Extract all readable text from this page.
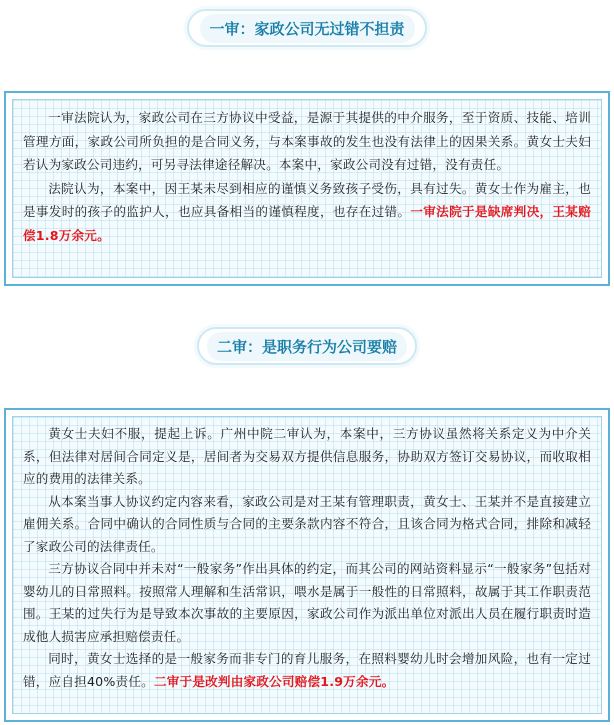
一审：家政公司无过错不担责

一审法院认为，家政公司在三方协议中受益，是源于其提供的中介服务，至于资质、技能、培训管理方面，家政公司所负担的是合同义务，与本案事故的发生也没有法律上的因果关系。黄女士夫妇若认为家政公司违约，可另寻法律途径解决。本案中，家政公司没有过错，没有责任。

法院认为，本案中，因王某未尽到相应的谨慎义务致孩子受伤，具有过失。黄女士作为雇主，也是事发时的孩子的监护人，也应具备相当的谨慎程度，也存在过错。一审法院于是缺席判决，王某赔偿1.8万余元。

二审：是职务行为公司要赔

黄女士夫妇不服，提起上诉。广州中院二审认为，本案中，三方协议虽然将关系定义为中介关系，但法律对居间合同定义是，居间者为交易双方提供信息服务，协助双方签订交易协议，而收取相应的费用的法律关系。

从本案当事人协议约定内容来看，家政公司是对王某有管理职责，黄女士、王某并不是直接建立雇佣关系。合同中确认的合同性质与合同的主要条款内容不符合，且该合同为格式合同，排除和减轻了家政公司的法律责任。

三方协议合同中并未对“一般家务”作出具体的约定，而其公司的网站资料显示“一般家务”包括对婴幼儿的日常照料。按照常人理解和生活常识，喂水是属于一般性的日常照料，故属于其工作职责范围。王某的过失行为是导致本次事故的主要原因，家政公司作为派出单位对派出人员在履行职责时造成他人损害应承担赔偿责任。

同时，黄女士选择的是一般家务而非专门的育儿服务，在照料婴幼儿时会增加风险，也有一定过错，应自担40%责任。二审于是改判由家政公司赔偿1.9万余元。
